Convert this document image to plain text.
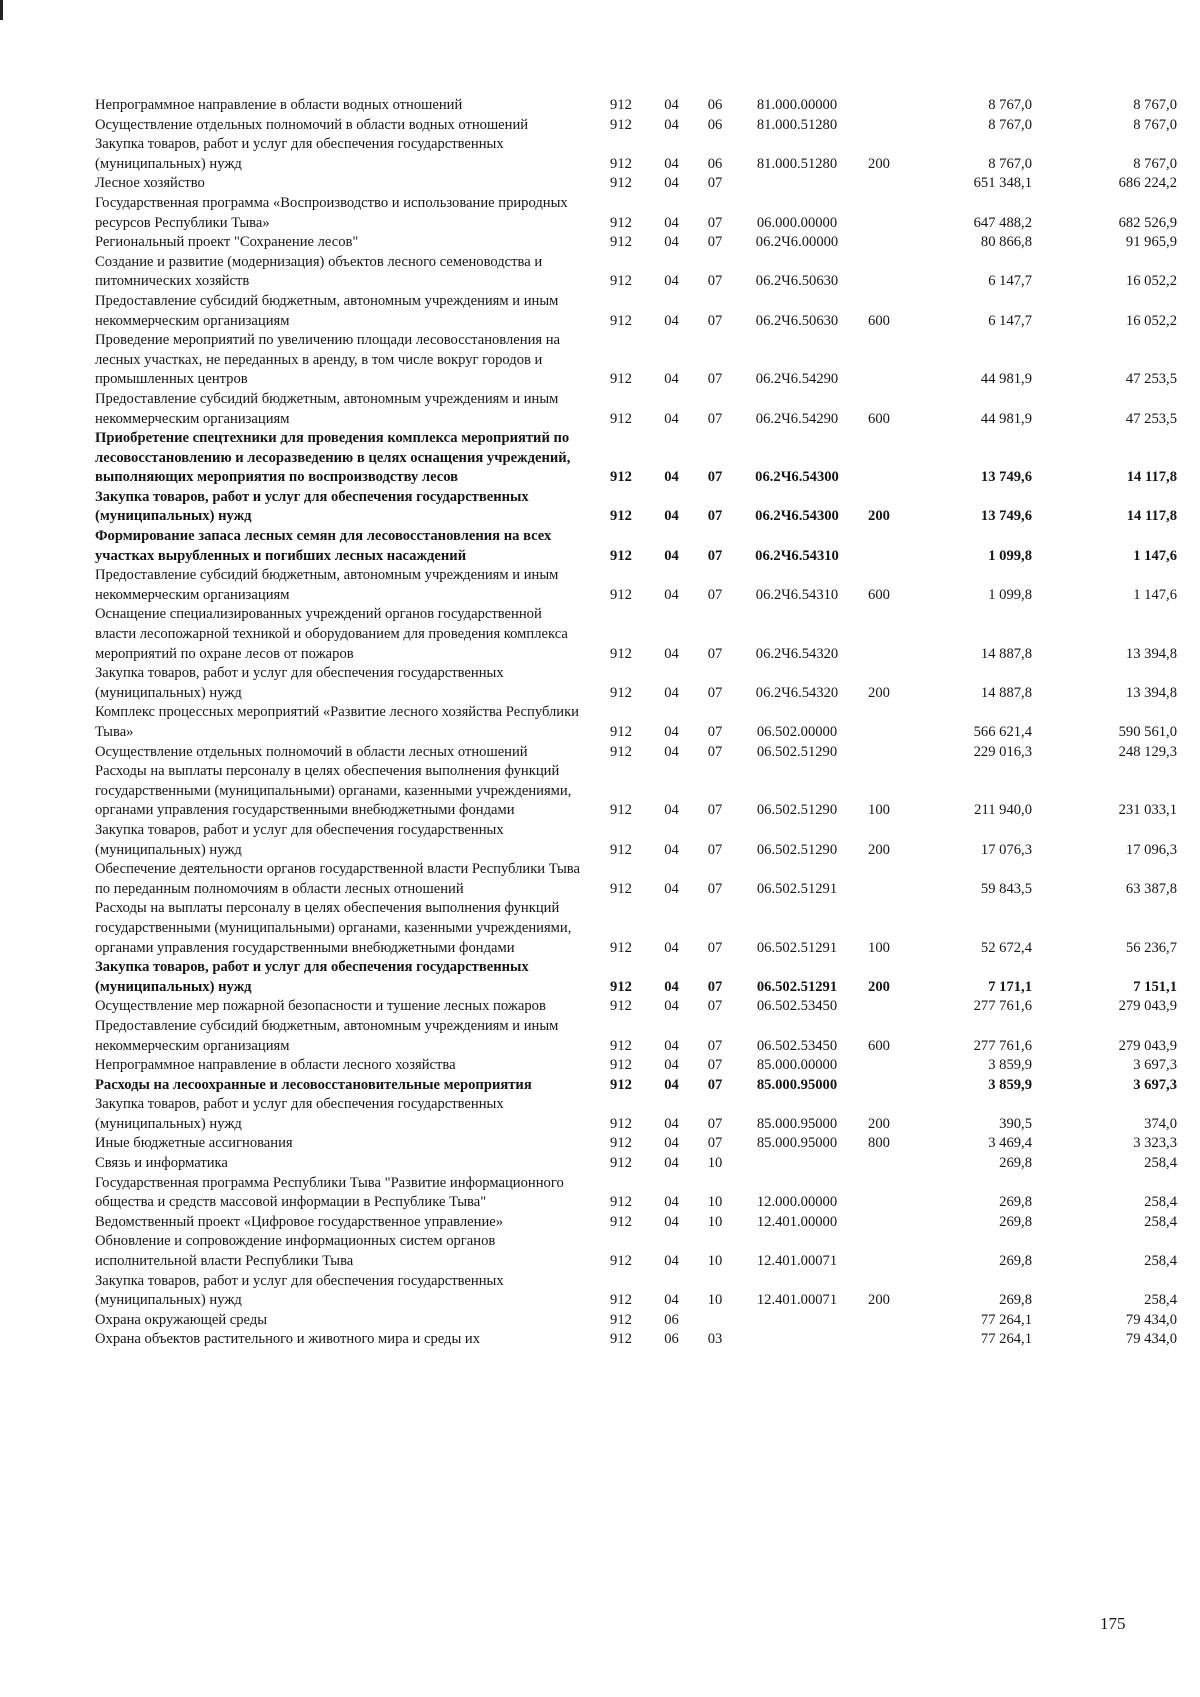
Непрограммное направление в области водных отношений	912	04	06	81.000.00000		8 767,0	8 767,0
Осуществление отдельных полномочий в области водных отношений	912	04	06	81.000.51280		8 767,0	8 767,0
Закупка товаров, работ и услуг для обеспечения государственных (муниципальных) нужд	912	04	06	81.000.51280	200	8 767,0	8 767,0
Лесное хозяйство	912	04	07			651 348,1	686 224,2
Государственная программа «Воспроизводство и использование природных ресурсов Республики Тыва»	912	04	07	06.000.00000		647 488,2	682 526,9
Региональный проект "Сохранение лесов"	912	04	07	06.2Ч6.00000		80 866,8	91 965,9
Создание и развитие (модернизация) объектов лесного семеноводства и питомнических хозяйств	912	04	07	06.2Ч6.50630		6 147,7	16 052,2
Предоставление субсидий бюджетным, автономным учреждениям и иным некоммерческим организациям	912	04	07	06.2Ч6.50630	600	6 147,7	16 052,2
Проведение мероприятий по увеличению площади лесовосстановления на лесных участках, не переданных в аренду, в том числе вокруг городов и промышленных центров	912	04	07	06.2Ч6.54290		44 981,9	47 253,5
Предоставление субсидий бюджетным, автономным учреждениям и иным некоммерческим организациям	912	04	07	06.2Ч6.54290	600	44 981,9	47 253,5
Приобретение спецтехники для проведения комплекса мероприятий по лесовосстановлению и лесоразведению в целях оснащения учреждений, выполняющих мероприятия по воспроизводству лесов	912	04	07	06.2Ч6.54300		13 749,6	14 117,8
Закупка товаров, работ и услуг для обеспечения государственных (муниципальных) нужд	912	04	07	06.2Ч6.54300	200	13 749,6	14 117,8
Формирование запаса лесных семян для лесовосстановления на всех участках вырубленных и погибших лесных насаждений	912	04	07	06.2Ч6.54310		1 099,8	1 147,6
Предоставление субсидий бюджетным, автономным учреждениям и иным некоммерческим организациям	912	04	07	06.2Ч6.54310	600	1 099,8	1 147,6
Оснащение специализированных учреждений органов государственной власти лесопожарной техникой и оборудованием для проведения комплекса мероприятий по охране лесов от пожаров	912	04	07	06.2Ч6.54320		14 887,8	13 394,8
Закупка товаров, работ и услуг для обеспечения государственных (муниципальных) нужд	912	04	07	06.2Ч6.54320	200	14 887,8	13 394,8
Комплекс процессных мероприятий «Развитие лесного хозяйства Республики Тыва»	912	04	07	06.502.00000		566 621,4	590 561,0
Осуществление отдельных полномочий в области лесных отношений	912	04	07	06.502.51290		229 016,3	248 129,3
Расходы на выплаты персоналу в целях обеспечения выполнения функций государственными (муниципальными) органами, казенными учреждениями, органами управления государственными внебюджетными фондами	912	04	07	06.502.51290	100	211 940,0	231 033,1
Закупка товаров, работ и услуг для обеспечения государственных (муниципальных) нужд	912	04	07	06.502.51290	200	17 076,3	17 096,3
Обеспечение деятельности органов государственной власти Республики Тыва по переданным полномочиям в области лесных отношений	912	04	07	06.502.51291		59 843,5	63 387,8
Расходы на выплаты персоналу в целях обеспечения выполнения функций государственными (муниципальными) органами, казенными учреждениями, органами управления государственными внебюджетными фондами	912	04	07	06.502.51291	100	52 672,4	56 236,7
Закупка товаров, работ и услуг для обеспечения государственных (муниципальных) нужд	912	04	07	06.502.51291	200	7 171,1	7 151,1
Осуществление мер пожарной безопасности и тушение лесных пожаров	912	04	07	06.502.53450		277 761,6	279 043,9
Предоставление субсидий бюджетным, автономным учреждениям и иным некоммерческим организациям	912	04	07	06.502.53450	600	277 761,6	279 043,9
Непрограммное направление в области лесного хозяйства	912	04	07	85.000.00000		3 859,9	3 697,3
Расходы на лесоохранные и лесовосстановительные мероприятия	912	04	07	85.000.95000		3 859,9	3 697,3
Закупка товаров, работ и услуг для обеспечения государственных (муниципальных) нужд	912	04	07	85.000.95000	200	390,5	374,0
Иные бюджетные ассигнования	912	04	07	85.000.95000	800	3 469,4	3 323,3
Связь и информатика	912	04	10			269,8	258,4
Государственная программа Республики Тыва "Развитие информационного общества и средств массовой информации в Республике Тыва"	912	04	10	12.000.00000		269,8	258,4
Ведомственный проект «Цифровое государственное управление»	912	04	10	12.401.00000		269,8	258,4
Обновление и сопровождение информационных систем органов исполнительной власти Республики Тыва	912	04	10	12.401.00071		269,8	258,4
Закупка товаров, работ и услуг для обеспечения государственных (муниципальных) нужд	912	04	10	12.401.00071	200	269,8	258,4
Охрана окружающей среды	912	06				77 264,1	79 434,0
Охрана объектов растительного и животного мира и среды их	912	06	03			77 264,1	79 434,0
175
